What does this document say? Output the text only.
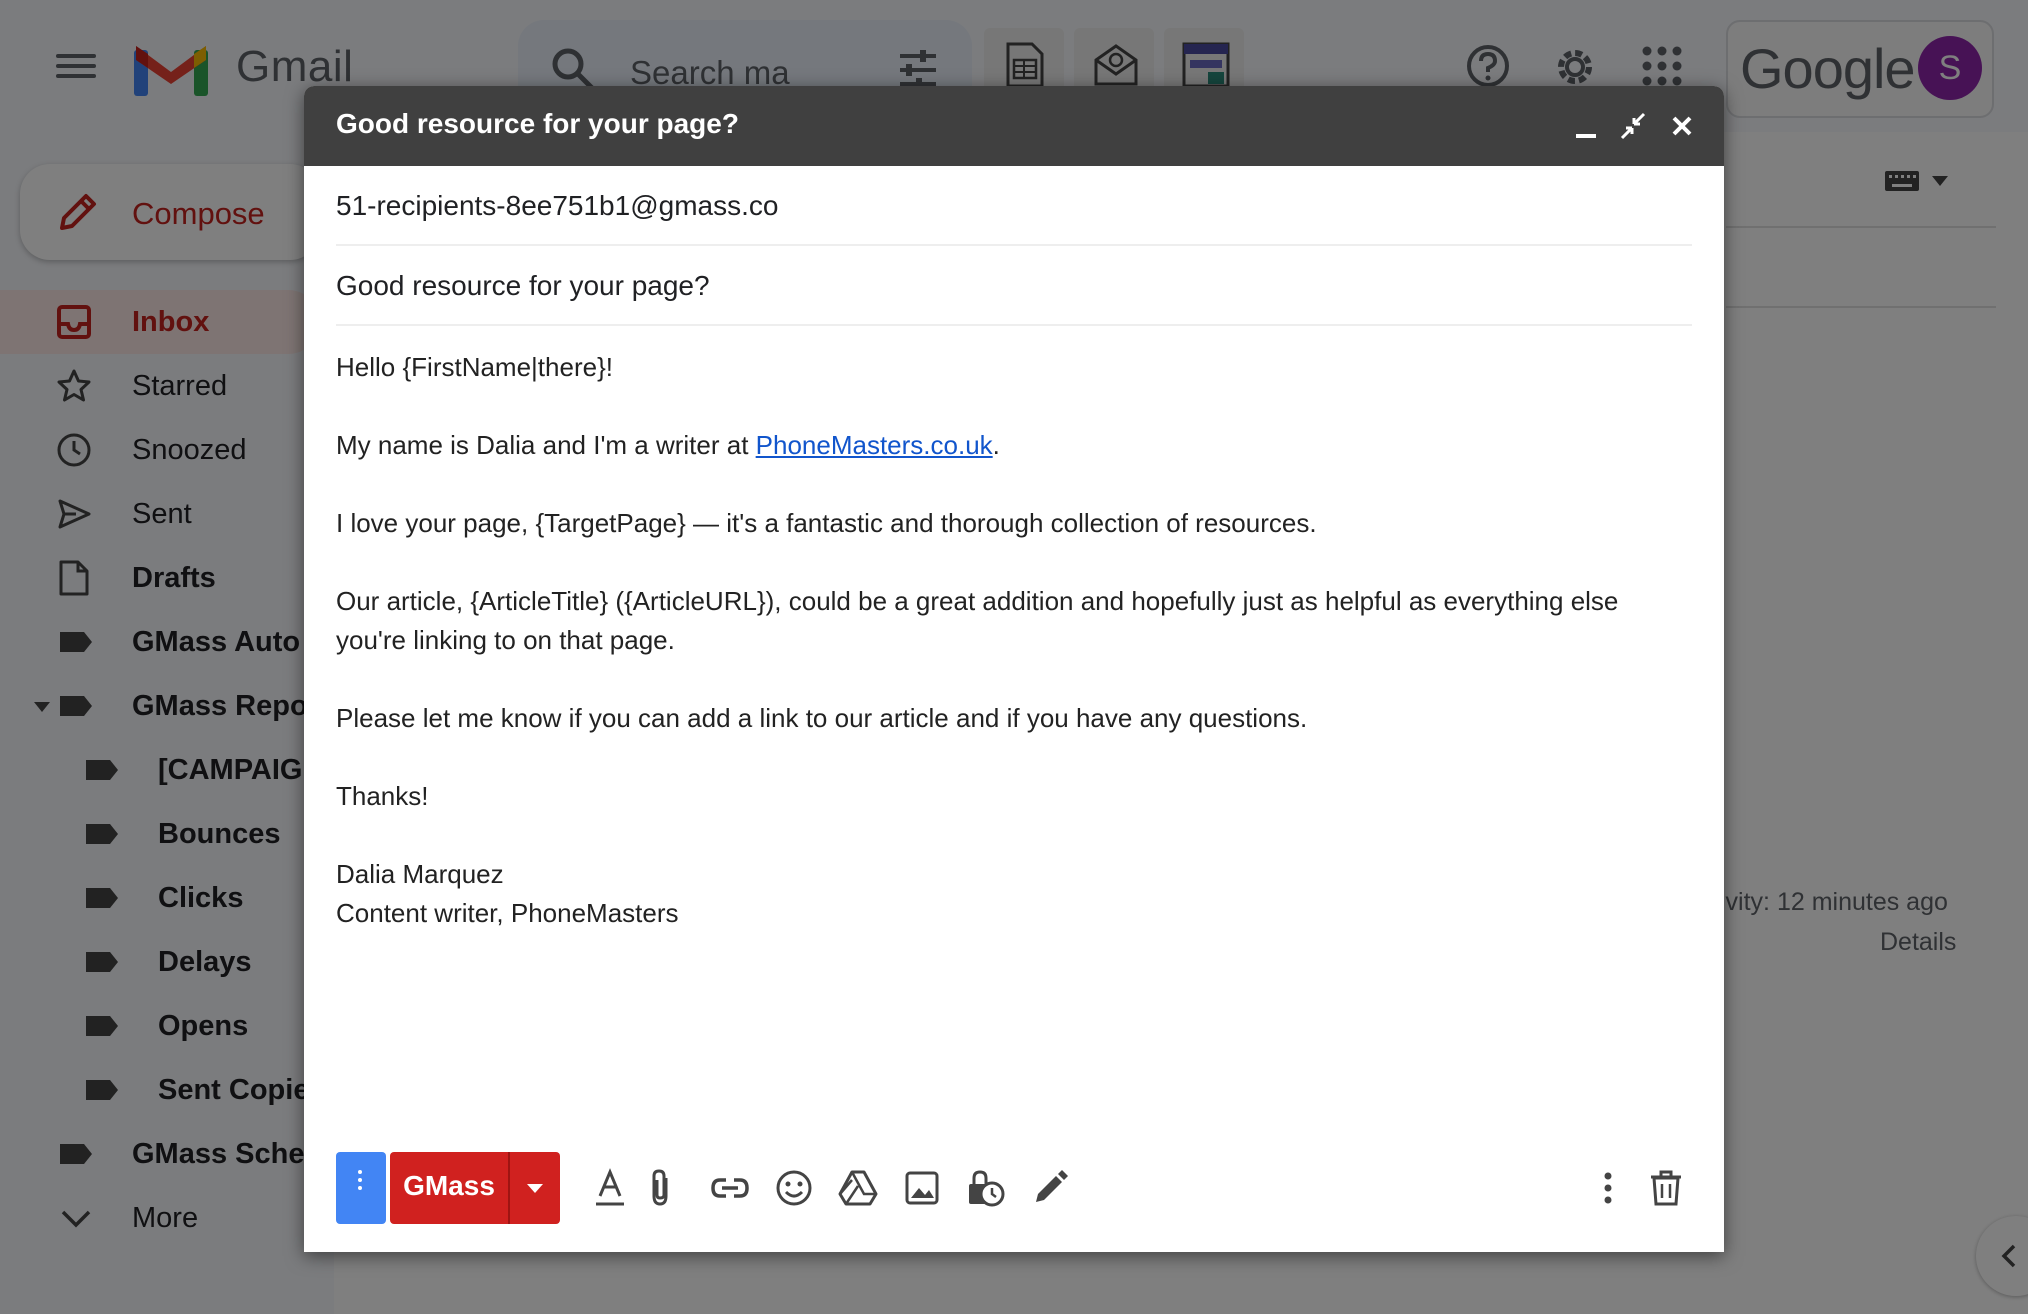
Good resource for your page?
51-recipients-8ee751b1@gmass.co
Good resource for your page?

Hello {FirstName|there}!

My name is Dalia and I'm a writer at PhoneMasters.co.uk.

I love your page, {TargetPage} — it's a fantastic and thorough collection of resources.

Our article, {ArticleTitle} ({ArticleURL}), could be a great addition and hopefully just as helpful as everything else

you're linking to on that page.

Please let me know if you can add a link to our article and if you have any questions.

Thanks!

Dalia Marquez

Content writer, PhoneMasters

GMass
